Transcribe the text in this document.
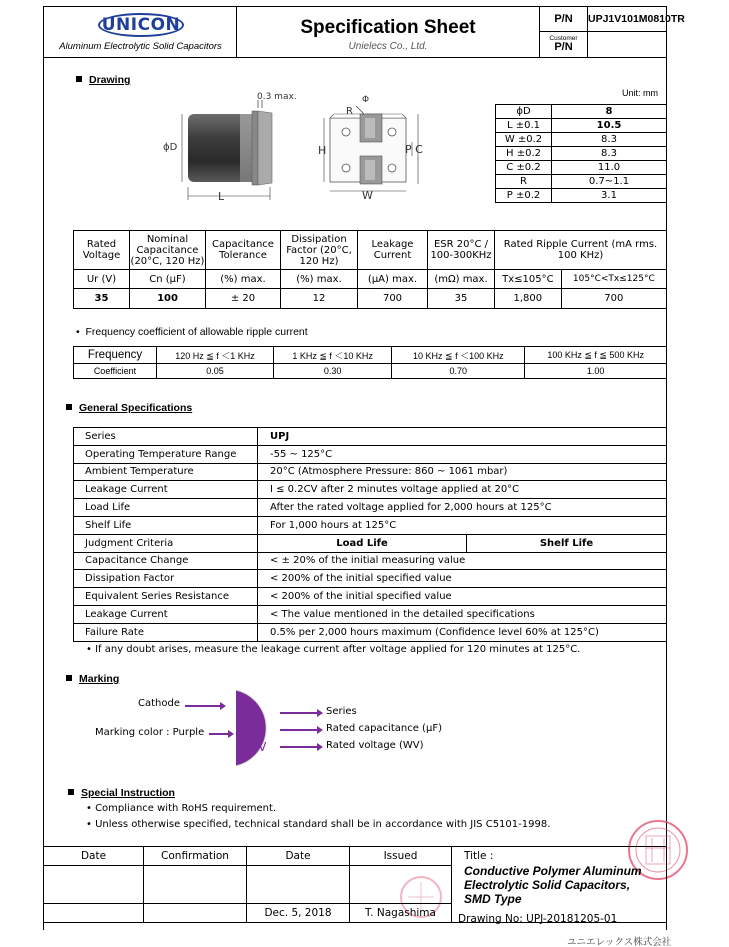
UNICON
Aluminum Electrolytic Solid Capacitors
Specification Sheet
Unielecs Co., Ltd.
P/N	UPJ1V101M0810TR
Customer
P/N
Drawing
Unit: mm
L
ϕD
0.3 max.
H	P C
W
R
Φ
ϕD	8
L ±0.1	10.5
W ±0.2	8.3
H ±0.2	8.3
C ±0.2	11.0
R	0.7~1.1
P ±0.2	3.1
Rated Voltage	Nominal Capacitance (20°C, 120 Hz)	Capacitance Tolerance	Dissipation Factor (20°C, 120 Hz)	Leakage Current	ESR 20°C / 100-300KHz	Rated Ripple Current (mA rms. 100 KHz)	
Ur (V)	Cn (μF)	(%) max.	(%) max.	(μA) max.	(mΩ) max.	Tx≤105°C	105°C<Tx≤125°C
35	100	± 20	12	700	35	1,800	700
•  Frequency coefficient of allowable ripple current
Frequency	120 Hz ≦ f ＜1 KHz	1 KHz ≦ f ＜10 KHz	10 KHz ≦ f ＜100 KHz	100 KHz ≦ f ≦ 500 KHz
Coefficient	0.05	0.30	0.70	1.00
General Specifications
Series	UPJ	
Operating Temperature Range	-55 ~ 125°C	
Ambient Temperature	20°C (Atmosphere Pressure: 860 ~ 1061 mbar)	
Leakage Current	I ≤ 0.2CV after 2 minutes voltage applied at 20°C	
Load Life	After the rated voltage applied for 2,000 hours at 125°C	
Shelf Life	For 1,000 hours at 125°C	
Judgment Criteria	Load Life	Shelf Life
Capacitance Change	< ± 20% of the initial measuring value	
Dissipation Factor	< 200% of the initial specified value	
Equivalent Series Resistance	< 200% of the initial specified value	
Leakage Current	< The value mentioned in the detailed specifications	
Failure Rate	0.5% per 2,000 hours maximum (Confidence level 60% at 125°C)	
• If any doubt arises, measure the leakage current after voltage applied for 120 minutes at 125°C.
Marking
Cathode
Marking color : Purple
PJ
100
35V
Series
Rated capacitance (μF)
Rated voltage (WV)
Special Instruction
• Compliance with RoHS requirement.
• Unless otherwise specified, technical standard shall be in accordance with JIS C5101-1998.
Date	Confirmation	Date	Issued	Title :
Conductive Polymer Aluminum
Electrolytic Solid Capacitors,
SMD Type

		Dec. 5, 2018	T. Nagashima	Drawing No: UPJ-20181205-01
ユニエレックス株式会社
